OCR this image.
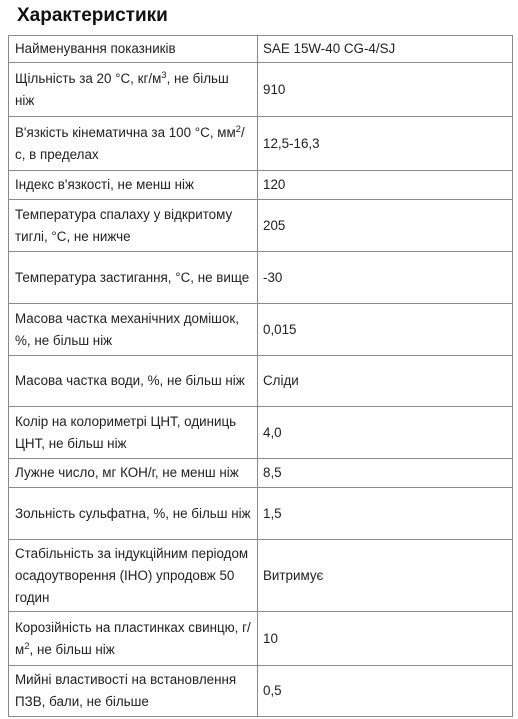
Характеристики
Найменування показників	SAE 15W-40 CG-4/SJ
Щільність за 20 °С, $кг/м^3$, не більш ніж	910
В'язкість кінематична за 100 °С, $мм^2/с$, в пределах	12,5-16,3
Індекс в'язкості, не менш ніж	120
Температура спалаху у відкритому тиглі, °С, не нижче	205
Температура застигання, °С, не вище	-30
Масова частка механічних домішок, %, не більш ніж	0,015
Масова частка води, %, не більш ніж	Сліди
Колір на колориметрі ЦНТ, одиниць ЦНТ, не більш ніж	4,0
Лужне число, мг КОН/г, не менш ніж	8,5
Зольність сульфатна, %, не більш ніж	1,5
Стабільність за індукційним періодом осадоутворення (ІНО) упродовж 50 годин	Витримує
Корозійність на пластинках свинцю, $г/м^2$, не більш ніж	10
Мийні властивості на встановлення ПЗВ, бали, не більше	0,5
